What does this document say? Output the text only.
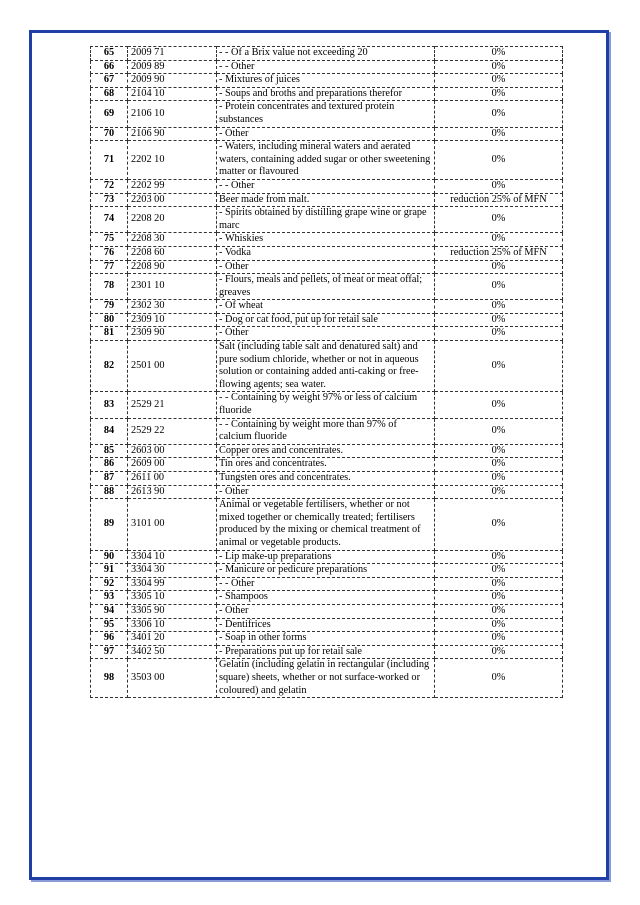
65	2009 71	- - Of a Brix value not exceeding 20	0%
66	2009 89	- - Other	0%
67	2009 90	- Mixtures of juices	0%
68	2104 10	- Soups and broths and preparations therefor	0%
69	2106 10	- Protein concentrates and textured protein substances	0%
70	2106 90	- Other	0%
71	2202 10	- Waters, including mineral waters and aerated waters, containing added sugar or other sweetening matter or flavoured	0%
72	2202 99	- - Other	0%
73	2203 00	Beer made from malt.	reduction 25% of MFN
74	2208 20	- Spirits obtained by distilling grape wine or grape marc	0%
75	2208 30	- Whiskies	0%
76	2208 60	- Vodka	reduction 25% of MFN
77	2208 90	- Other	0%
78	2301 10	- Flours, meals and pellets, of meat or meat offal; greaves	0%
79	2302 30	- Of wheat	0%
80	2309 10	- Dog or cat food, put up for retail sale	0%
81	2309 90	- Other	0%
82	2501 00	Salt (including table salt and denatured salt) and pure sodium chloride, whether or not in aqueous solution or containing added anti-caking or free-flowing agents; sea water.	0%
83	2529 21	- - Containing by weight 97% or less of calcium fluoride	0%
84	2529 22	- - Containing by weight more than 97% of calcium fluoride	0%
85	2603 00	Copper ores and concentrates.	0%
86	2609 00	Tin ores and concentrates.	0%
87	2611 00	Tungsten ores and concentrates.	0%
88	2613 90	- Other	0%
89	3101 00	Animal or vegetable fertilisers, whether or not mixed together or chemically treated; fertilisers produced by the mixing or chemical treatment of animal or vegetable products.	0%
90	3304 10	- Lip make-up preparations	0%
91	3304 30	- Manicure or pedicure preparations	0%
92	3304 99	- - Other	0%
93	3305 10	- Shampoos	0%
94	3305 90	- Other	0%
95	3306 10	- Dentifrices	0%
96	3401 20	- Soap in other forms	0%
97	3402 50	- Preparations put up for retail sale	0%
98	3503 00	Gelatin (including gelatin in rectangular (including square) sheets, whether or not surface-worked or coloured) and gelatin	0%
